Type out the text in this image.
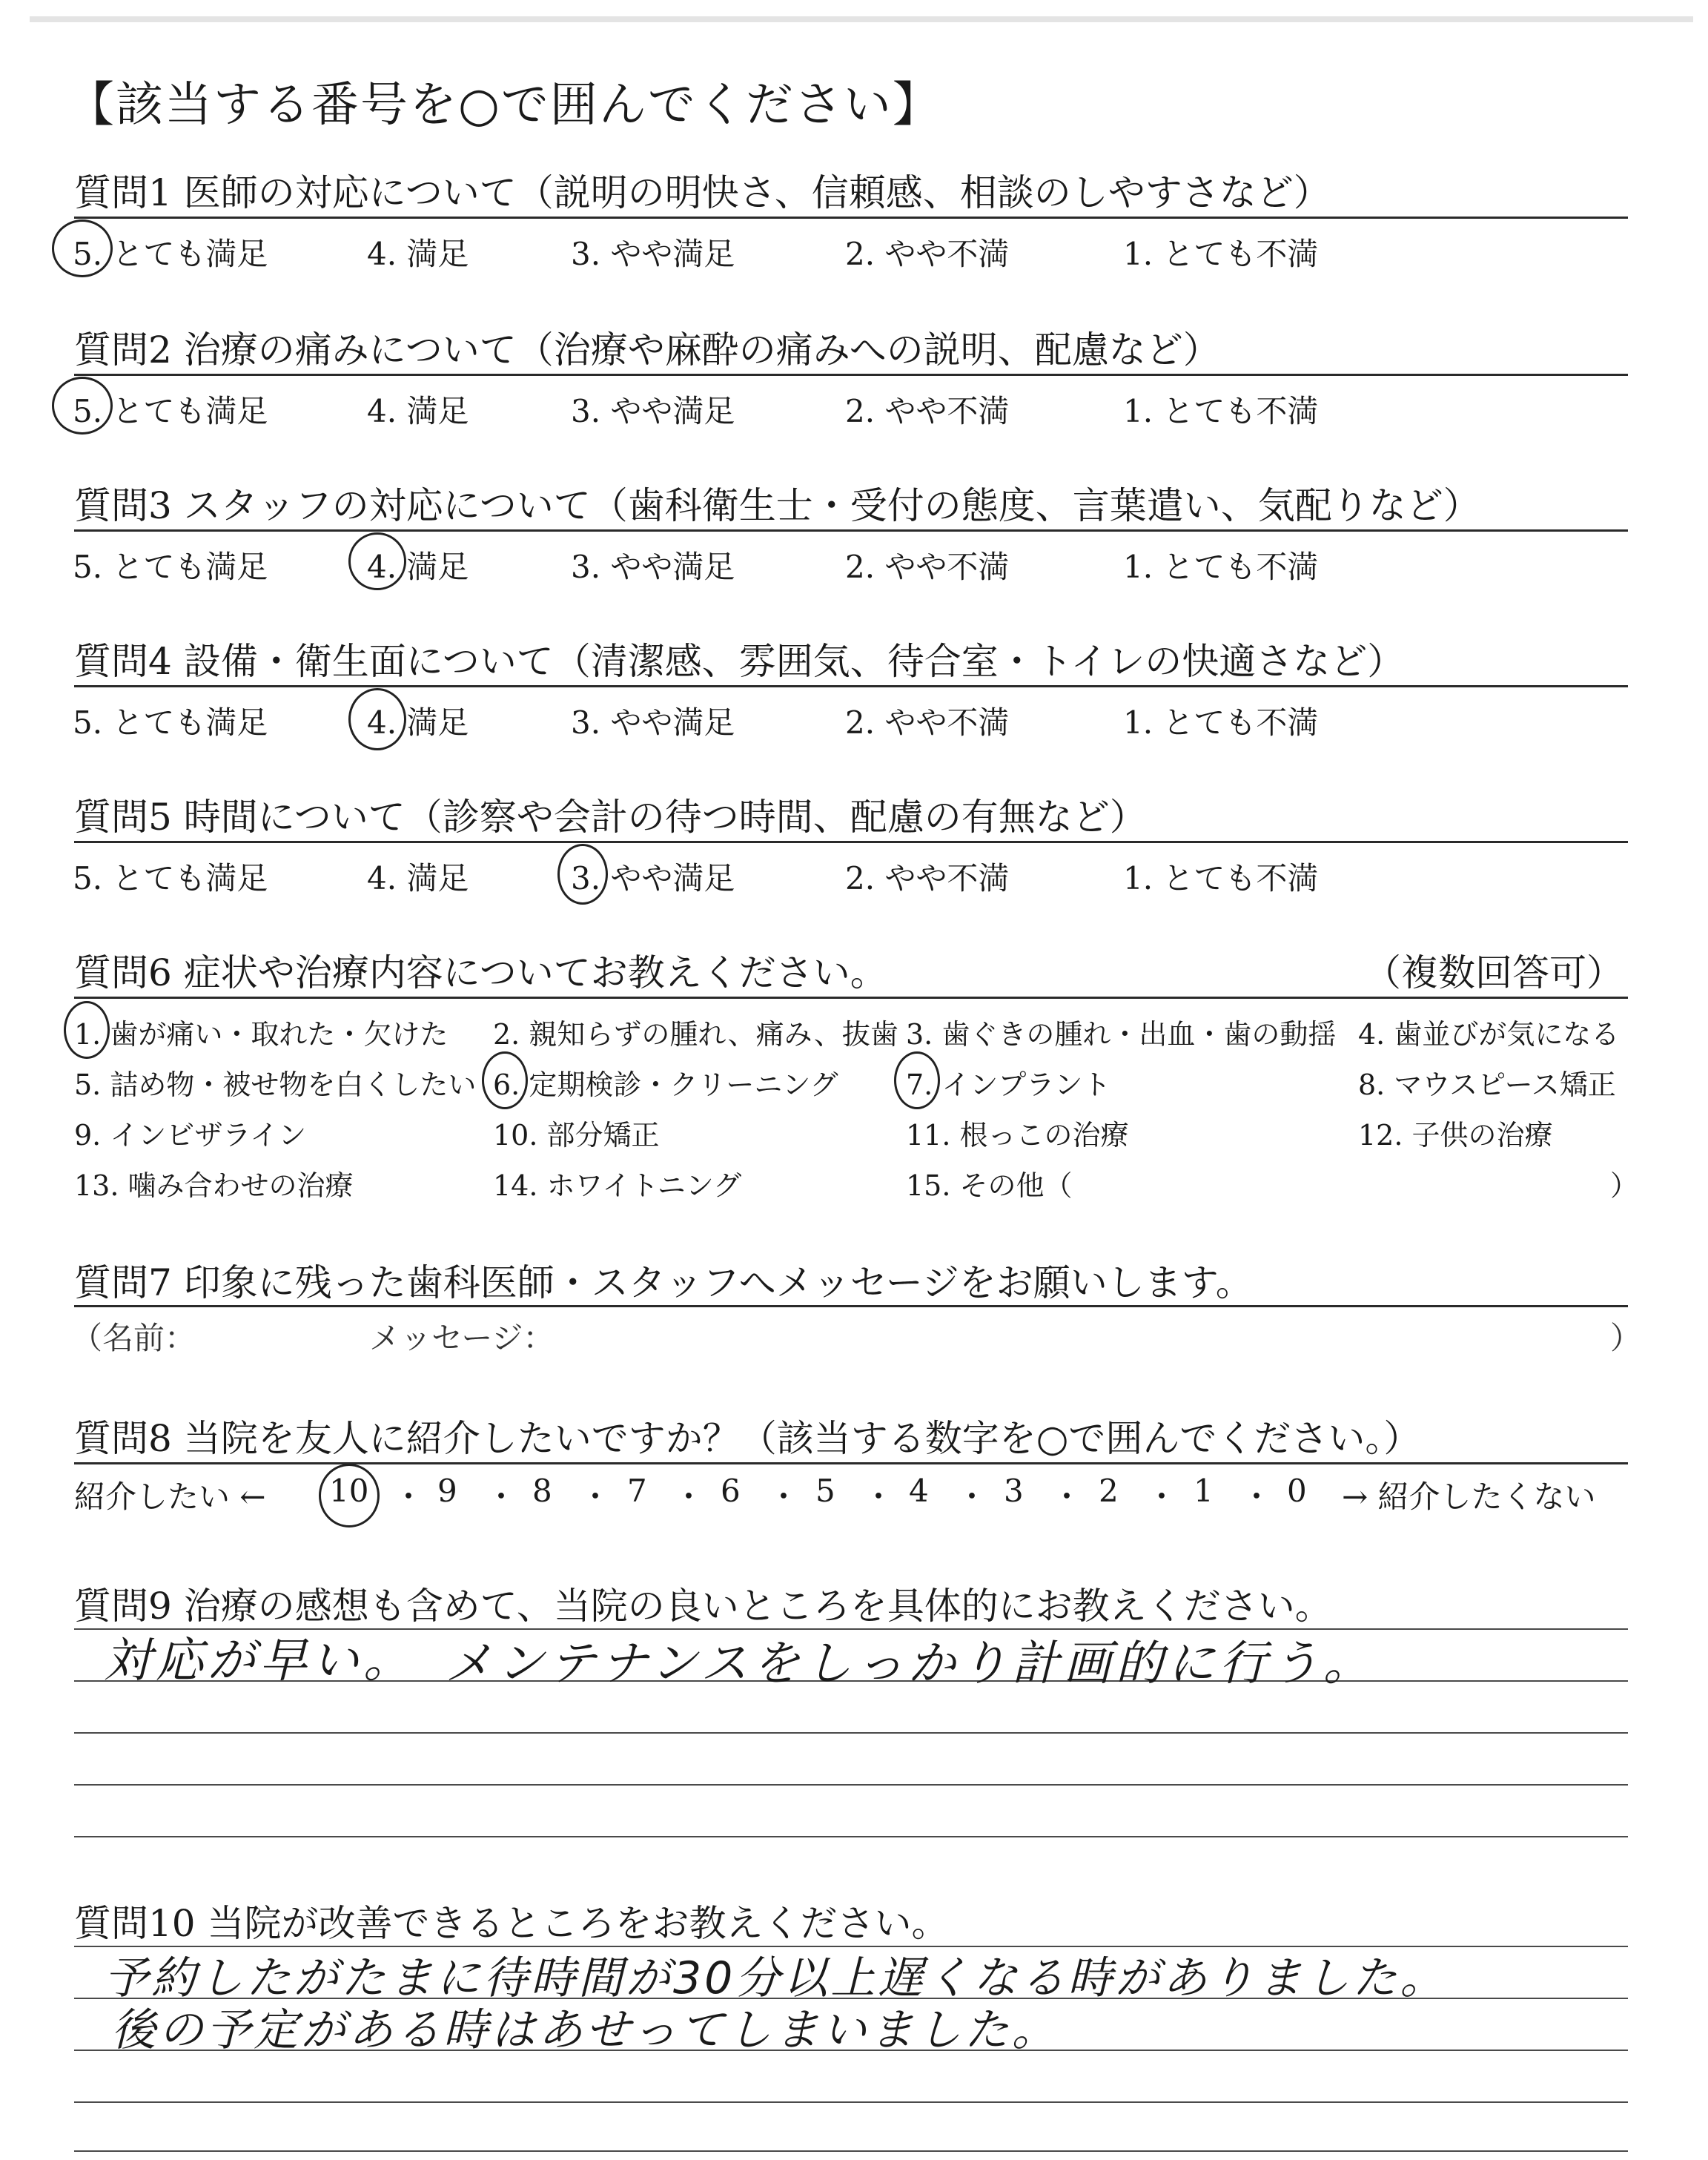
【該当する番号を○で囲んでください】
質問1 医師の対応について（説明の明快さ、信頼感、相談のしやすさなど）
5. とても満足	4. 満足	3. やや満足	2. やや不満	1. とても不満
質問2 治療の痛みについて（治療や麻酔の痛みへの説明、配慮など）
5. とても満足	4. 満足	3. やや満足	2. やや不満	1. とても不満
質問3 スタッフの対応について（歯科衛生士・受付の態度、言葉遣い、気配りなど）
5. とても満足	4. 満足	3. やや満足	2. やや不満	1. とても不満
質問4 設備・衛生面について（清潔感、雰囲気、待合室・トイレの快適さなど）
5. とても満足	4. 満足	3. やや満足	2. やや不満	1. とても不満
質問5 時間について（診察や会計の待つ時間、配慮の有無など）
5. とても満足	4. 満足	3. やや満足	2. やや不満	1. とても不満
質問6 症状や治療内容についてお教えください。	（複数回答可）
1. 歯が痛い・取れた・欠けた 2. 親知らずの腫れ、痛み、抜歯 3. 歯ぐきの腫れ・出血・歯の動揺 4. 歯並びが気になる
5. 詰め物・被せ物を白くしたい 6. 定期検診・クリーニング 7. インプラント	8. マウスピース矯正
9. インビザライン	10. 部分矯正	11. 根っこの治療	12. 子供の治療
13. 噛み合わせの治療	14. ホワイトニング	15. その他（	）
質問7 印象に残った歯科医師・スタッフへメッセージをお願いします。
（名前：	メッセージ：	）
質問8 当院を友人に紹介したいですか？（該当する数字を○で囲んでください。）
紹介したい ← 10 ・ 9 ・ 8 ・ 7 ・ 6 ・ 5 ・ 4 ・ 3 ・ 2 ・ 1 ・ 0 → 紹介したくない
質問9 治療の感想も含めて、当院の良いところを具体的にお教えください。
対応が早い。 メンテナンスをしっかり計画的に行う。
質問10 当院が改善できるところをお教えください。
予約したがたまに待時間が30分以上遅くなる時がありました。
後の予定がある時はあせってしまいました。
